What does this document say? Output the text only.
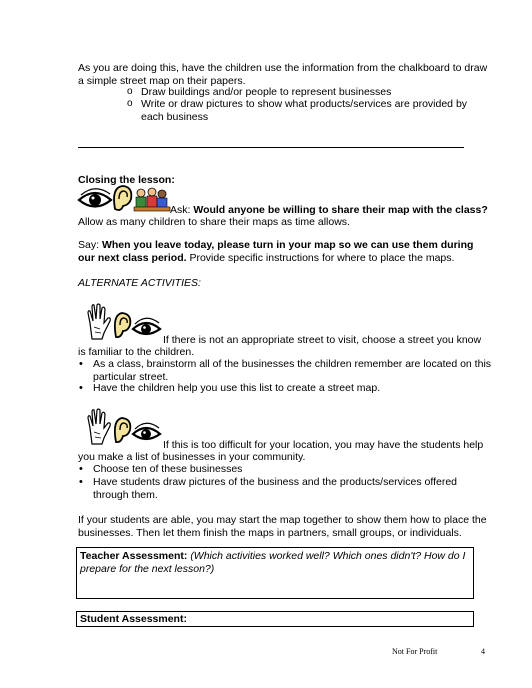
As you are doing this, have the children use the information from the chalkboard to draw a simple street map on their papers.
o Draw buildings and/or people to represent businesses
o Write or draw pictures to show what products/services are provided by each business
Closing the lesson:
Ask: Would anyone be willing to share their map with the class?
Allow as many children to share their maps as time allows.
Say: When you leave today, please turn in your map so we can use them during our next class period. Provide specific instructions for where to place the maps.
ALTERNATE ACTIVITIES:
If there is not an appropriate street to visit, choose a street you know
is familiar to the children.
• As a class, brainstorm all of the businesses the children remember are located on this particular street.
• Have the children help you use this list to create a street map.
If this is too difficult for your location, you may have the students help
you make a list of businesses in your community.
• Choose ten of these businesses
• Have students draw pictures of the business and the products/services offered through them.
If your students are able, you may start the map together to show them how to place the businesses. Then let them finish the maps in partners, small groups, or individuals.
Teacher Assessment: (Which activities worked well? Which ones didn't? How do I prepare for the next lesson?)
Student Assessment:
Not For Profit	4
